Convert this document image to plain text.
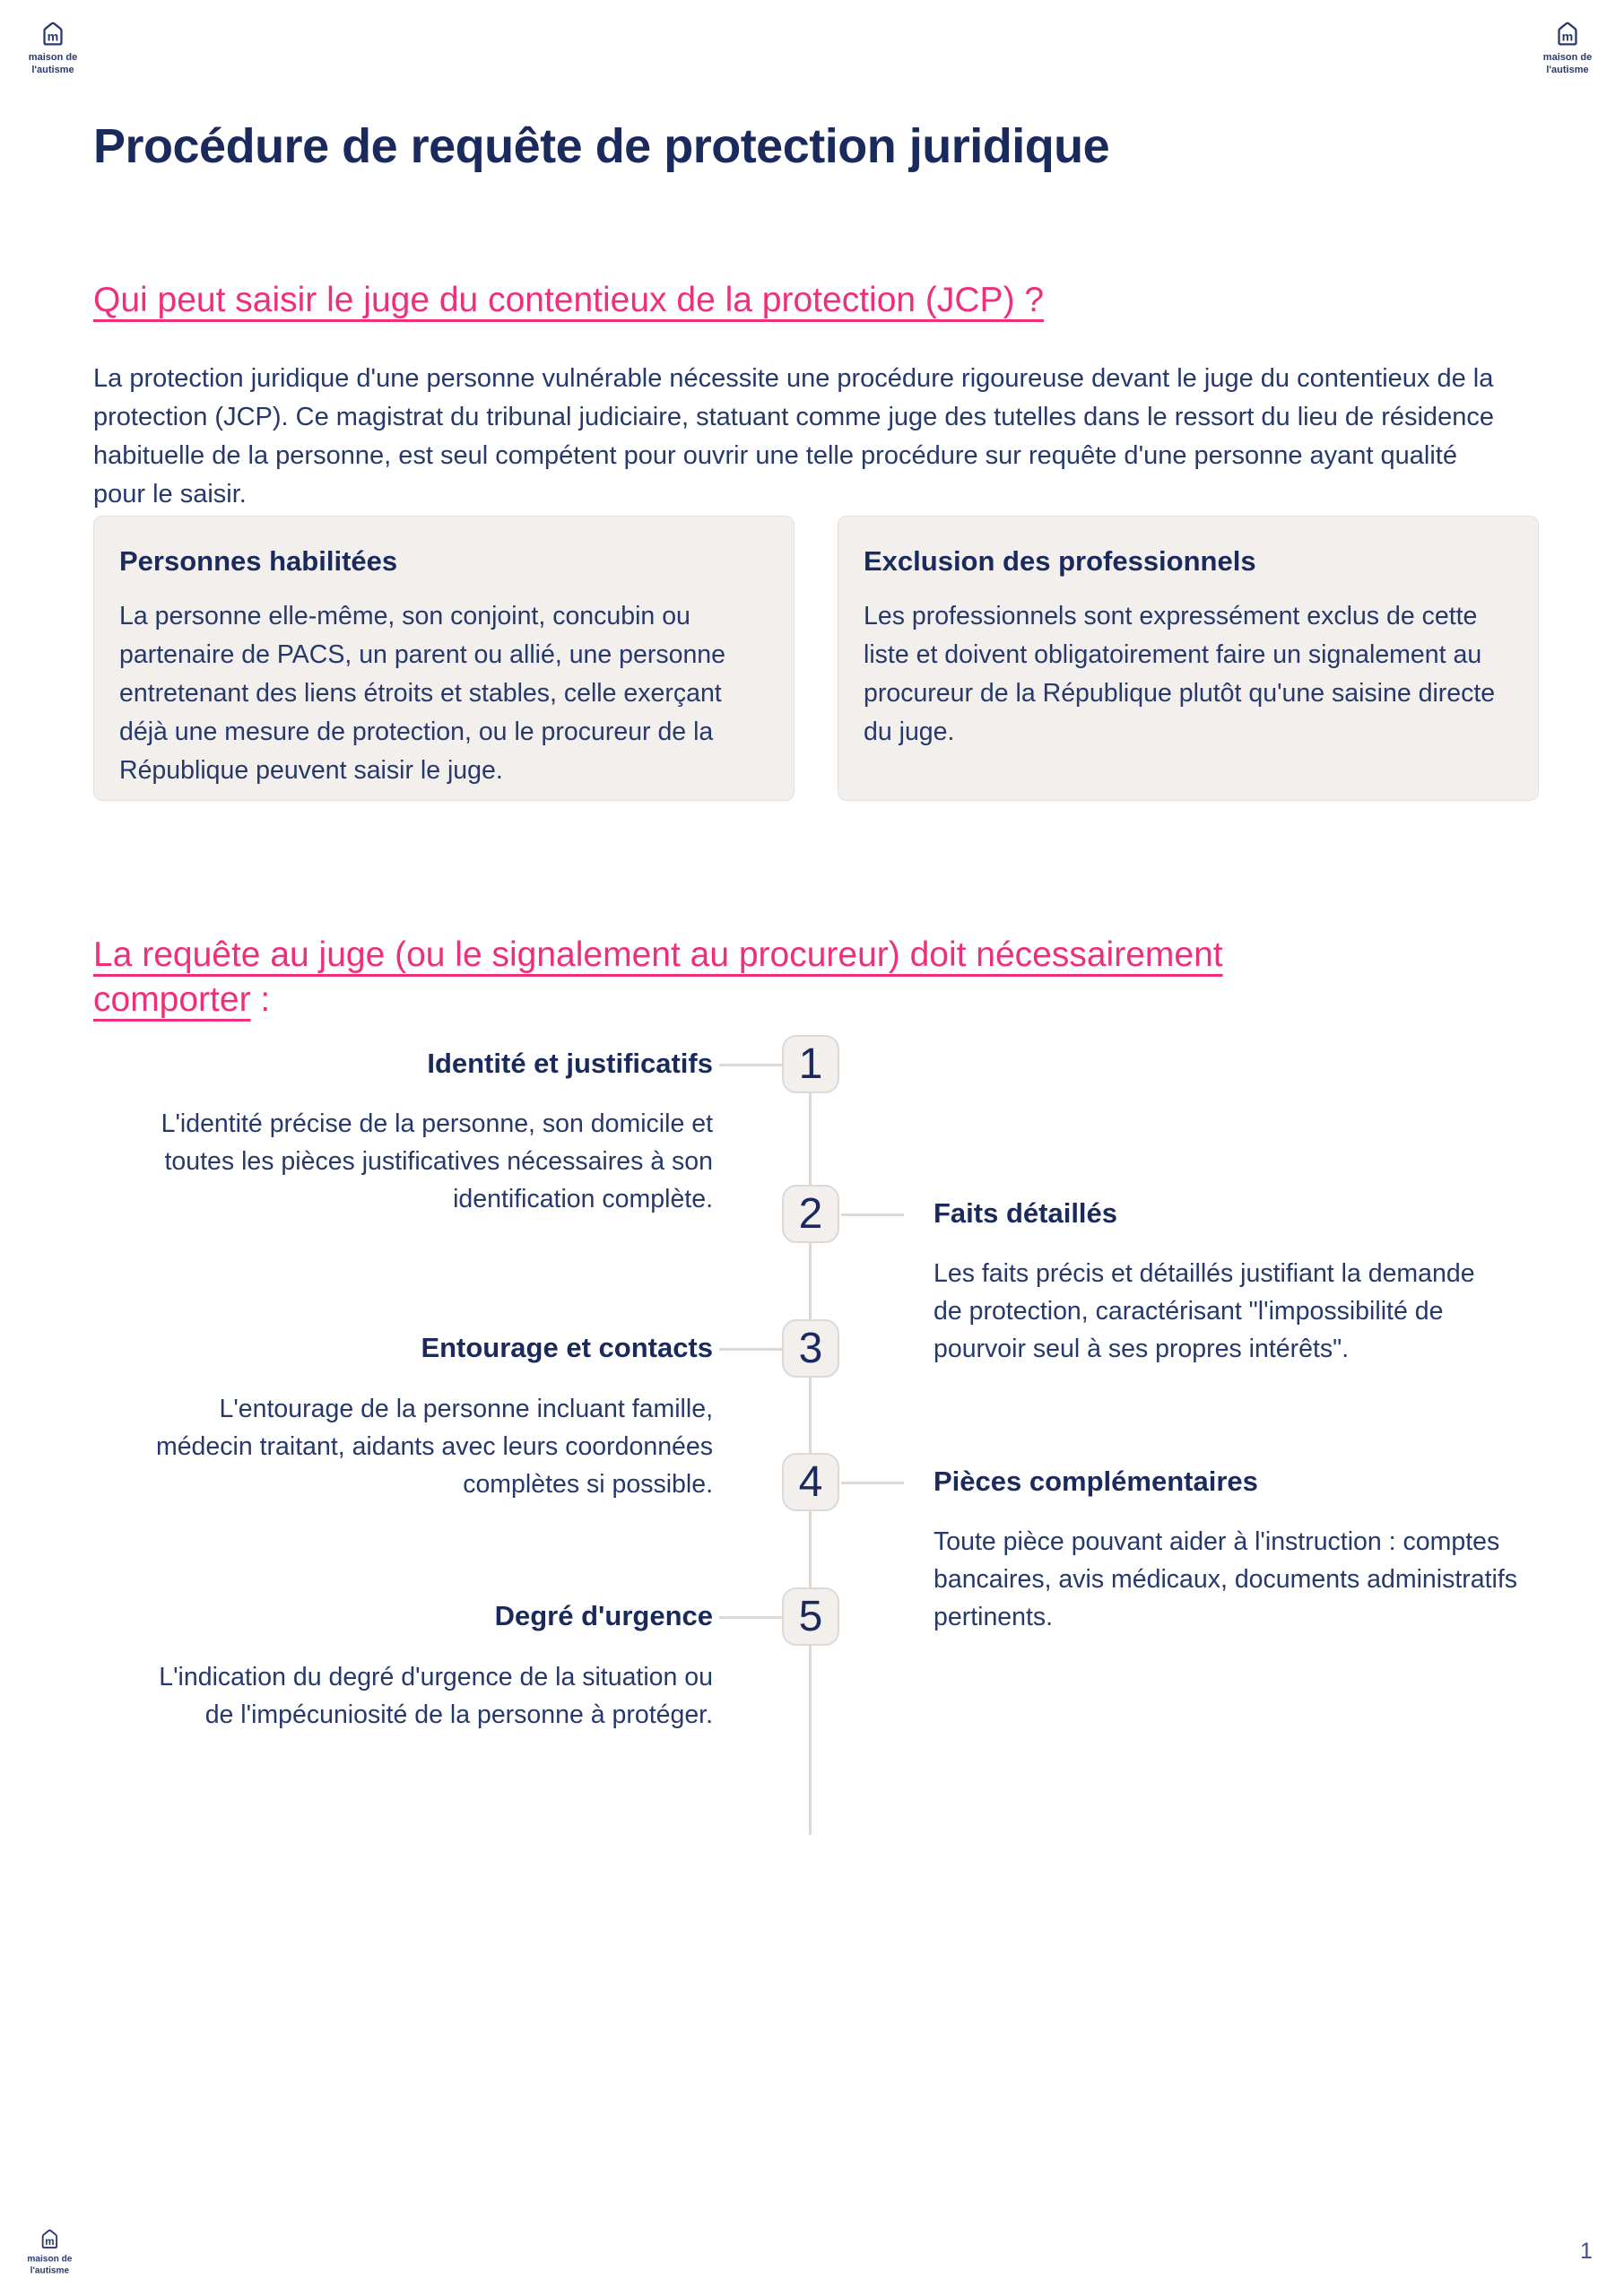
m
maison de
l'autisme
m
maison de
l'autisme
Procédure de requête de protection juridique
Qui peut saisir le juge du contentieux de la protection (JCP) ?

La protection juridique d'une personne vulnérable nécessite une procédure rigoureuse devant le juge du contentieux de la protection (JCP). Ce magistrat du tribunal judiciaire, statuant comme juge des tutelles dans le ressort du lieu de résidence habituelle de la personne, est seul compétent pour ouvrir une telle procédure sur requête d'une personne ayant qualité pour le saisir.

Personnes habilitées

La personne elle-même, son conjoint, concubin ou partenaire de PACS, un parent ou allié, une personne entretenant des liens étroits et stables, celle exerçant déjà une mesure de protection, ou le procureur de la République peuvent saisir le juge.

Exclusion des professionnels

Les professionnels sont expressément exclus de cette liste et doivent obligatoirement faire un signalement au procureur de la République plutôt qu'une saisine directe du juge.

La requête au juge (ou le signalement au procureur) doit nécessairement comporter :
1
Identité et justificatifs
L'identité précise de la personne, son domicile et toutes les pièces justificatives nécessaires à son identification complète. 2	Faits détaillés
Les faits précis et détaillés justifiant la demande de protection, caractérisant "l'impossibilité de pourvoir seul à ses propres intérêts".
3
Entourage et contacts
L'entourage de la personne incluant famille, médecin traitant, aidants avec leurs coordonnées complètes si possible. 4	Pièces complémentaires
Toute pièce pouvant aider à l'instruction : comptes bancaires, avis médicaux, documents administratifs pertinents.
5
Degré d'urgence
L'indication du degré d'urgence de la situation ou de l'impécuniosité de la personne à protéger.
m
maison de
l'autisme
1
